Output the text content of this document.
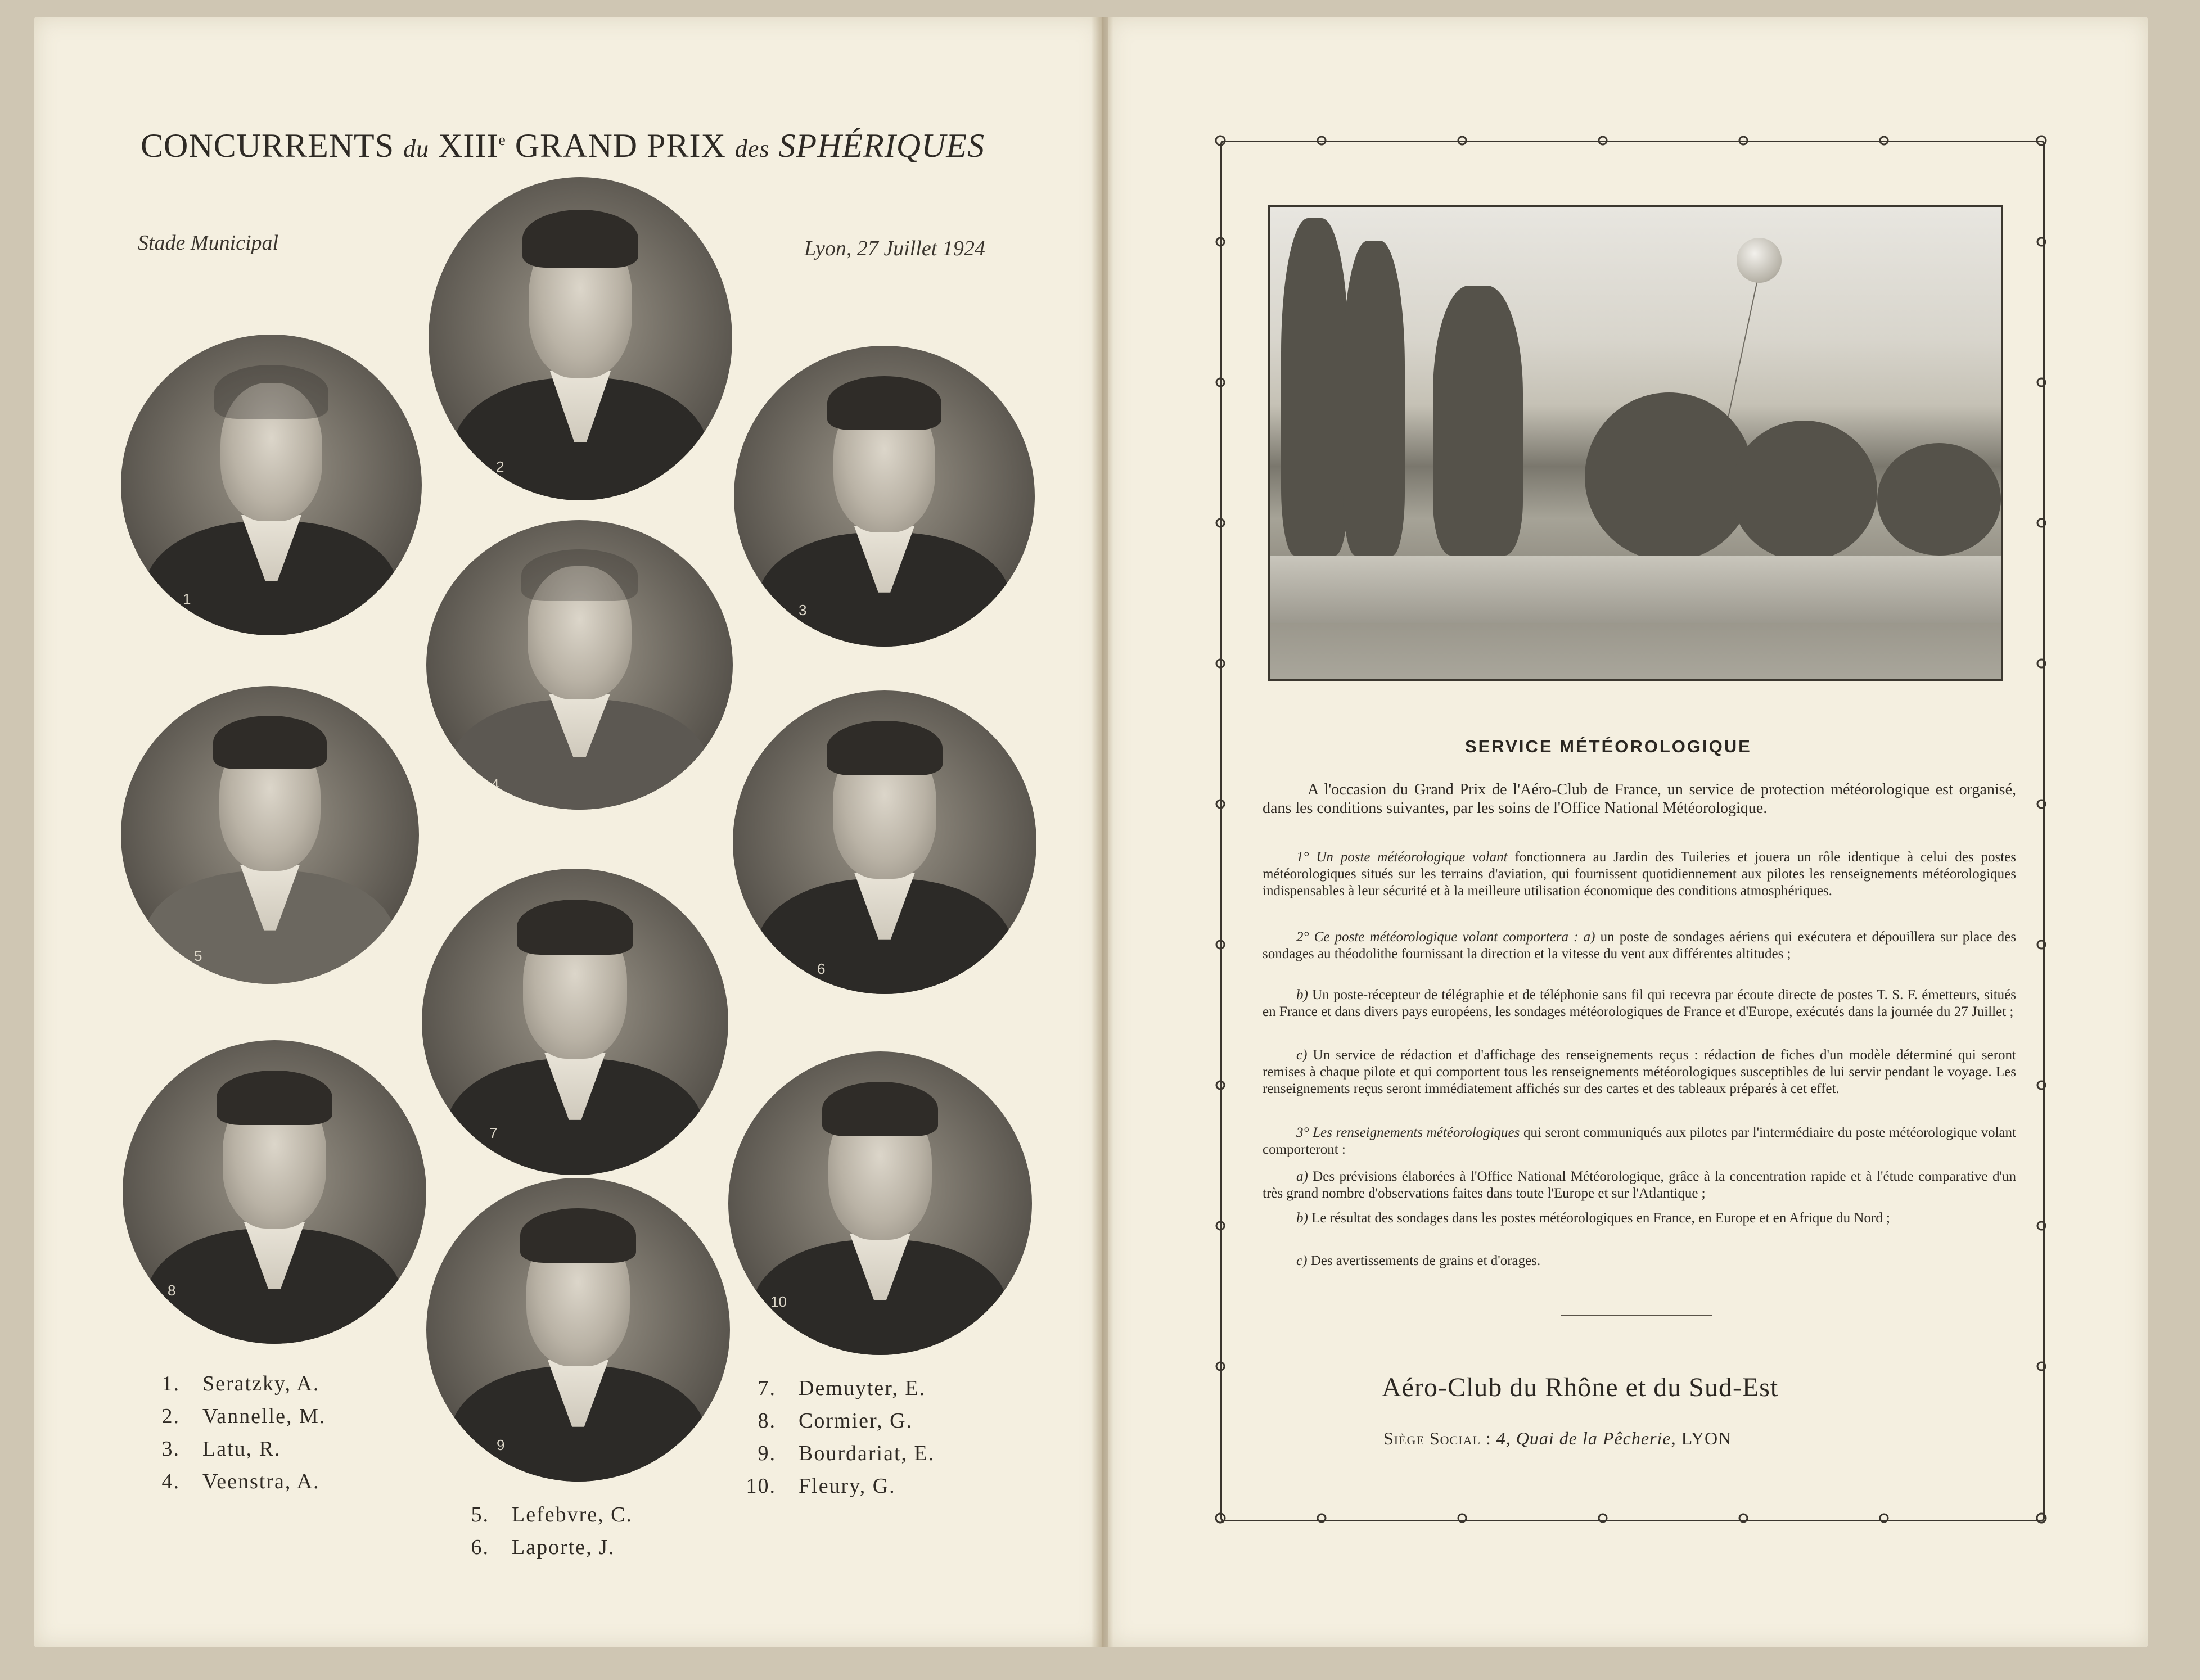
CONCURRENTS du XIIIe GRAND PRIX des SPHÉRIQUES
Stade Municipal	Lyon, 27 Juillet 1924
1
2
3
4
5
6
7
8
9
10
1. Seratzky, A.
2. Vannelle, M.
3. Latu, R.
4. Veenstra, A.
5. Lefebvre, C.
6. Laporte, J.
7. Demuyter, E.
8. Cormier, G.
9. Bourdariat, E.
10. Fleury, G.
SERVICE MÉTÉOROLOGIQUE
A l'occasion du Grand Prix de l'Aéro-Club de France, un service de protection météorologique est organisé, dans les conditions suivantes, par les soins de l'Office National Météorologique.
1° Un poste météorologique volant fonctionnera au Jardin des Tuileries et jouera un rôle identique à celui des postes météorologiques situés sur les terrains d'aviation, qui fournissent quotidiennement aux pilotes les renseignements météorologiques indispensables à leur sécurité et à la meilleure utilisation économique des conditions atmosphériques.
2° Ce poste météorologique volant comportera : a) un poste de sondages aériens qui exécutera et dépouillera sur place des sondages au théodolithe fournissant la direction et la vitesse du vent aux différentes altitudes ;
b) Un poste-récepteur de télégraphie et de téléphonie sans fil qui recevra par écoute directe de postes T. S. F. émetteurs, situés en France et dans divers pays européens, les sondages météorologiques de France et d'Europe, exécutés dans la journée du 27 Juillet ;
c) Un service de rédaction et d'affichage des renseignements reçus : rédaction de fiches d'un modèle déterminé qui seront remises à chaque pilote et qui comportent tous les renseignements météorologiques susceptibles de lui servir pendant le voyage. Les renseignements reçus seront immédiatement affichés sur des cartes et des tableaux préparés à cet effet.
3° Les renseignements météorologiques qui seront communiqués aux pilotes par l'intermédiaire du poste météorologique volant comporteront :
a) Des prévisions élaborées à l'Office National Météorologique, grâce à la concentration rapide et à l'étude comparative d'un très grand nombre d'observations faites dans toute l'Europe et sur l'Atlantique ;
b) Le résultat des sondages dans les postes météorologiques en France, en Europe et en Afrique du Nord ;
c) Des avertissements de grains et d'orages.
Aéro-Club du Rhône et du Sud-Est
Siège Social : 4, Quai de la Pêcherie, LYON
